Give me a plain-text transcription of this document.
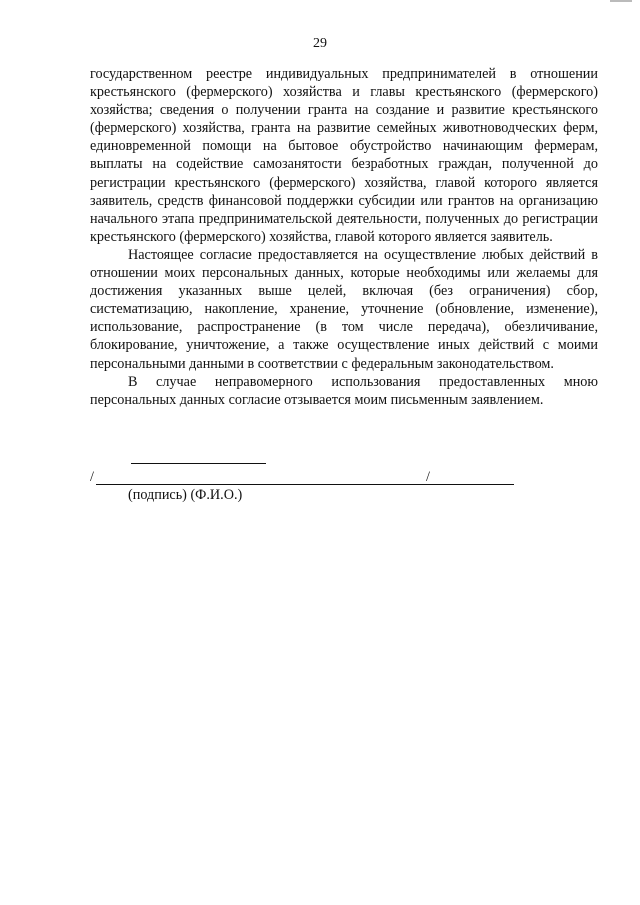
29

государственном реестре индивидуальных предпринимателей в отношении крестьянского (фермерского) хозяйства и главы крестьянского (фермерского) хозяйства; сведения о получении гранта на создание и развитие крестьянского (фермерского) хозяйства, гранта на развитие семейных животноводческих ферм, единовременной помощи на бытовое обустройство начинающим фермерам, выплаты на содействие самозанятости безработных граждан, полученной до регистрации крестьянского (фермерского) хозяйства, главой которого является заявитель, средств финансовой поддержки субсидии или грантов на организацию начального этапа предпринимательской деятельности, полученных до регистрации крестьянского (фермерского) хозяйства, главой которого является заявитель.

Настоящее согласие предоставляется на осуществление любых действий в отношении моих персональных данных, которые необходимы или желаемы для достижения указанных выше целей, включая (без ограничения) сбор, систематизацию, накопление, хранение, уточнение (обновление, изменение), использование, распространение (в том числе передача), обезличивание, блокирование, уничтожение, а также осуществление иных действий с моими персональными данными в соответствии с федеральным законодательством.

В случае неправомерного использования предоставленных мною персональных данных согласие отзывается моим письменным заявлением.

/	/
(подпись) (Ф.И.О.)
